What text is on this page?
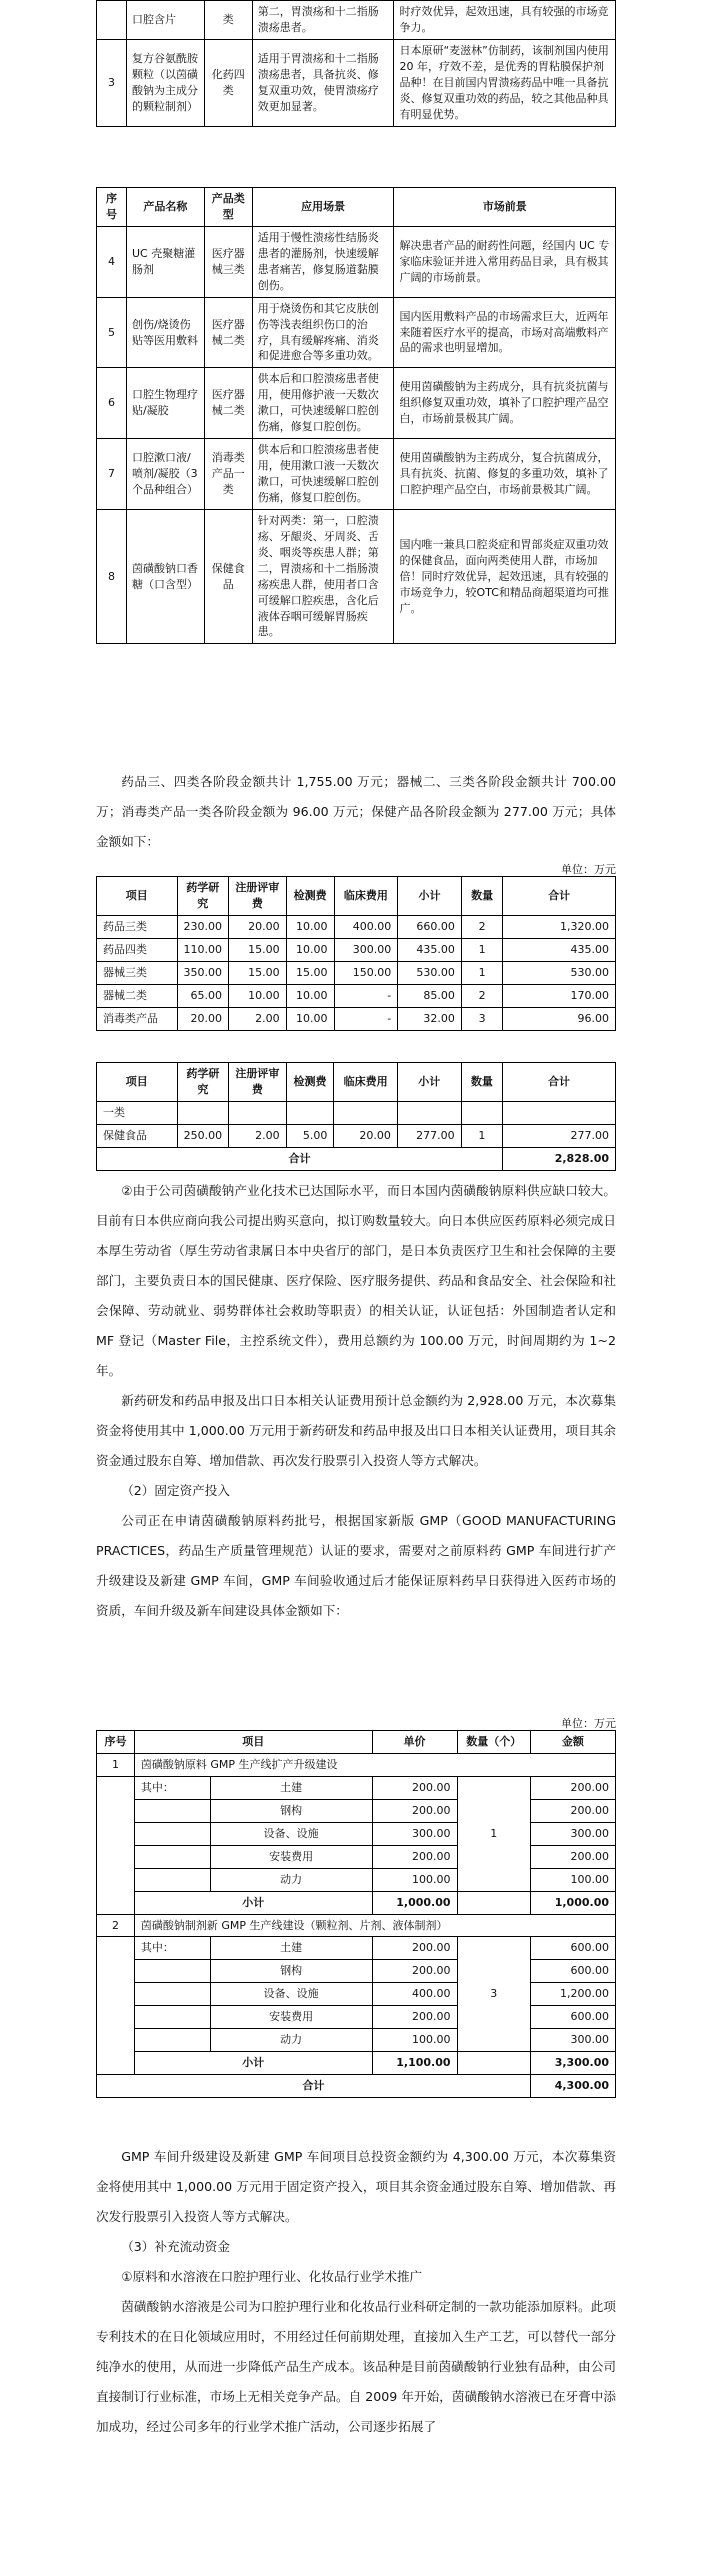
	口腔含片	类	第二，胃溃疡和十二指肠溃疡患者。	时疗效优异，起效迅速，具有较强的市场竞争力。
3	复方谷氨酰胺颗粒（以茵磺酸钠为主成分的颗粒制剂）	化药四类	适用于胃溃疡和十二指肠溃疡患者，具备抗炎、修复双重功效，使胃溃疡疗效更加显著。	日本原研“麦滋林”仿制药，该制剂国内使用 20 年，疗效不差，是优秀的胃粘膜保护剂品种！在目前国内胃溃疡药品中唯一具备抗炎、修复双重功效的药品，较之其他品种具有明显优势。
序号	产品名称	产品类型	应用场景	市场前景
4	UC 壳聚糖灌肠剂	医疗器械三类	适用于慢性溃疡性结肠炎患者的灌肠剂，快速缓解患者痛苦，修复肠道黏膜创伤。	解决患者产品的耐药性问题，经国内 UC 专家临床验证并进入常用药品目录，具有极其广阔的市场前景。
5	创伤/烧烫伤贴等医用敷料	医疗器械二类	用于烧烫伤和其它皮肤创伤等浅表组织伤口的治疗，具有缓解疼痛、消炎和促进愈合等多重功效。	国内医用敷料产品的市场需求巨大，近两年来随着医疗水平的提高，市场对高端敷料产品的需求也明显增加。
6	口腔生物理疗贴/凝胶	医疗器械二类	供本后和口腔溃疡患者使用，使用修护液一天数次漱口，可快速缓解口腔创伤痛，修复口腔创伤。	使用茵磺酸钠为主药成分，具有抗炎抗菌与组织修复双重功效，填补了口腔护理产品空白，市场前景极其广阔。
7	口腔漱口液/喷剂/凝胶（3 个品种组合）	消毒类产品一类	供本后和口腔溃疡患者使用，使用漱口液一天数次漱口，可快速缓解口腔创伤痛，修复口腔创伤。	使用茵磺酸钠为主药成分，复合抗菌成分，具有抗炎、抗菌、修复的多重功效，填补了口腔护理产品空白，市场前景极其广阔。
8	茵磺酸钠口香糖（口含型）	保健食品	针对两类：第一，口腔溃疡、牙龈炎、牙周炎、舌炎、咽炎等疾患人群；第二，胃溃疡和十二指肠溃疡疾患人群，使用者口含可缓解口腔疾患，含化后液体吞咽可缓解胃肠疾患。	国内唯一兼具口腔炎症和胃部炎症双重功效的保健食品，面向两类使用人群，市场加倍！同时疗效优异，起效迅速，具有较强的市场竞争力，较OTC和精品商超渠道均可推广。

药品三、四类各阶段金额共计 1,755.00 万元；器械二、三类各阶段金额共计 700.00 万；消毒类产品一类各阶段金额为 96.00 万元；保健产品各阶段金额为 277.00 万元；具体金额如下：

单位：万元
项目	药学研究	注册评审费	检测费	临床费用	小计	数量	合计
药品三类	230.00	20.00	10.00	400.00	660.00	2	1,320.00
药品四类	110.00	15.00	10.00	300.00	435.00	1	435.00
器械三类	350.00	15.00	15.00	150.00	530.00	1	530.00
器械二类	65.00	10.00	10.00	-	85.00	2	170.00
消毒类产品	20.00	2.00	10.00	-	32.00	3	96.00
项目	药学研究	注册评审费	检测费	临床费用	小计	数量	合计
一类							
保健食品	250.00	2.00	5.00	20.00	277.00	1	277.00
合计							2,828.00

②由于公司茵磺酸钠产业化技术已达国际水平，而日本国内茵磺酸钠原料供应缺口较大。目前有日本供应商向我公司提出购买意向，拟订购数量较大。向日本供应医药原料必须完成日本厚生劳动省（厚生劳动省隶属日本中央省厅的部门，是日本负责医疗卫生和社会保障的主要部门，主要负责日本的国民健康、医疗保险、医疗服务提供、药品和食品安全、社会保险和社会保障、劳动就业、弱势群体社会救助等职责）的相关认证，认证包括：外国制造者认定和 MF 登记（Master File，主控系统文件），费用总额约为 100.00 万元，时间周期约为 1~2 年。

新药研发和药品申报及出口日本相关认证费用预计总金额约为 2,928.00 万元，本次募集资金将使用其中 1,000.00 万元用于新药研发和药品申报及出口日本相关认证费用，项目其余资金通过股东自筹、增加借款、再次发行股票引入投资人等方式解决。

（2）固定资产投入

公司正在申请茵磺酸钠原料药批号，根据国家新版 GMP（GOOD MANUFACTURING PRACTICES，药品生产质量管理规范）认证的要求，需要对之前原料药 GMP 车间进行扩产升级建设及新建 GMP 车间，GMP 车间验收通过后才能保证原料药早日获得进入医药市场的资质，车间升级及新车间建设具体金额如下：

单位：万元
序号	项目		单价	数量（个）	金额
1	茵磺酸钠原料 GMP 生产线扩产升级建设				
	其中：	土建	200.00	1	200.00
		钢构	200.00		200.00
		设备、设施	300.00		300.00
		安装费用	200.00		200.00
		动力	100.00		100.00
	小计		1,000.00		1,000.00
2	茵磺酸钠制剂新 GMP 生产线建设（颗粒剂、片剂、液体制剂）				
	其中：	土建	200.00	3	600.00
		钢构	200.00		600.00
		设备、设施	400.00		1,200.00
		安装费用	200.00		600.00
		动力	100.00		300.00
	小计		1,100.00		3,300.00
合计					4,300.00

GMP 车间升级建设及新建 GMP 车间项目总投资金额约为 4,300.00 万元，本次募集资金将使用其中 1,000.00 万元用于固定资产投入，项目其余资金通过股东自筹、增加借款、再次发行股票引入投资人等方式解决。

（3）补充流动资金

①原料和水溶液在口腔护理行业、化妆品行业学术推广

茵磺酸钠水溶液是公司为口腔护理行业和化妆品行业科研定制的一款功能添加原料。此项专利技术的在日化领域应用时，不用经过任何前期处理，直接加入生产工艺，可以替代一部分纯净水的使用，从而进一步降低产品生产成本。该品种是目前茵磺酸钠行业独有品种，由公司直接制订行业标准，市场上无相关竞争产品。自 2009 年开始，茵磺酸钠水溶液已在牙膏中添加成功，经过公司多年的行业学术推广活动，公司逐步拓展了
